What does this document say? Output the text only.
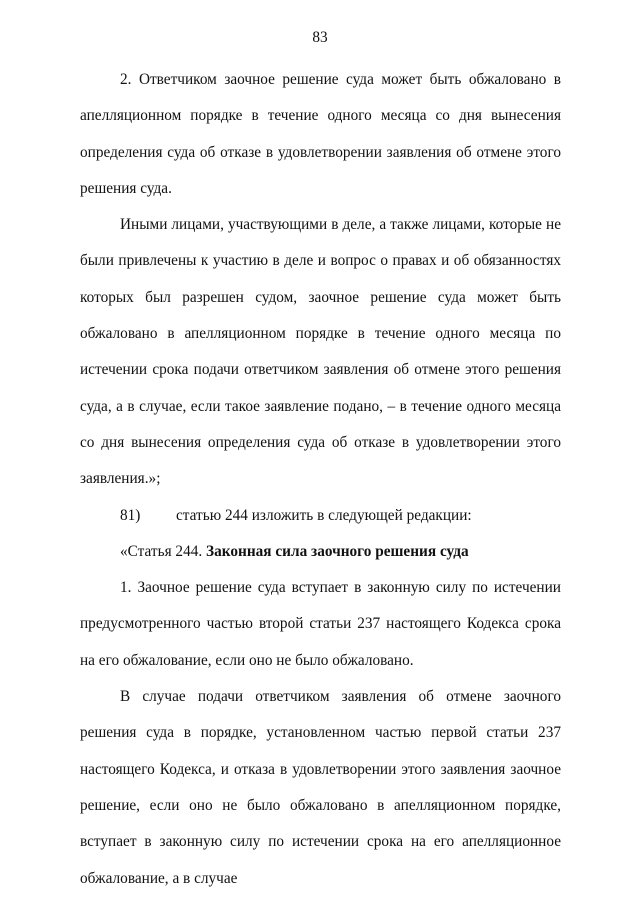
83

2. Ответчиком заочное решение суда может быть обжаловано в апелляционном порядке в течение одного месяца со дня вынесения определения суда об отказе в удовлетворении заявления об отмене этого решения суда.

Иными лицами, участвующими в деле, а также лицами, которые не были привлечены к участию в деле и вопрос о правах и об обязанностях которых был разрешен судом, заочное решение суда может быть обжаловано в апелляционном порядке в течение одного месяца по истечении срока подачи ответчиком заявления об отмене этого решения суда, а в случае, если такое заявление подано, – в течение одного месяца со дня вынесения определения суда об отказе в удовлетворении этого заявления.»;

81) статью 244 изложить в следующей редакции:

«Статья 244. Законная сила заочного решения суда

1. Заочное решение суда вступает в законную силу по истечении предусмотренного частью второй статьи 237 настоящего Кодекса срока на его обжалование, если оно не было обжаловано.

В случае подачи ответчиком заявления об отмене заочного решения суда в порядке, установленном частью первой статьи 237 настоящего Кодекса, и отказа в удовлетворении этого заявления заочное решение, если оно не было обжаловано в апелляционном порядке, вступает в законную силу по истечении срока на его апелляционное обжалование, а в случае
